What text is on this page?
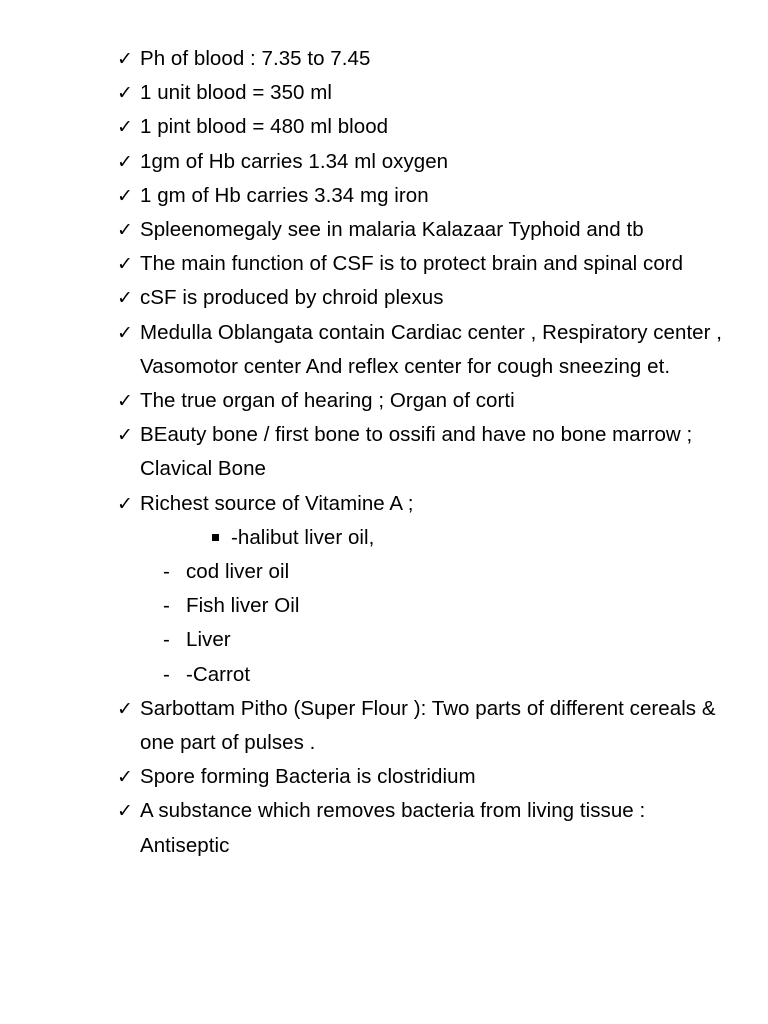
✓ Ph of blood : 7.35 to 7.45
✓ 1 unit blood = 350 ml
✓ 1 pint blood = 480 ml blood
✓ 1gm of Hb carries 1.34 ml oxygen
✓ 1 gm of Hb carries 3.34 mg iron
✓ Spleenomegaly see in malaria Kalazaar Typhoid and tb
✓ The main function of CSF is to protect brain and spinal cord
✓ cSF is produced by chroid plexus
✓ Medulla Oblangata contain Cardiac center , Respiratory center , Vasomotor center And reflex center for cough sneezing et.
✓ The true organ of hearing ; Organ of corti
✓ BEauty bone / first bone to ossifi and have no bone marrow ; Clavical Bone
✓ Richest source of Vitamine A ;
-halibut liver oil,
- cod liver oil
- Fish liver Oil
- Liver
- -Carrot
✓ Sarbottam Pitho (Super Flour ): Two parts of different cereals & one part of pulses .
✓ Spore forming Bacteria is clostridium
✓ A substance which removes bacteria from living tissue : Antiseptic
